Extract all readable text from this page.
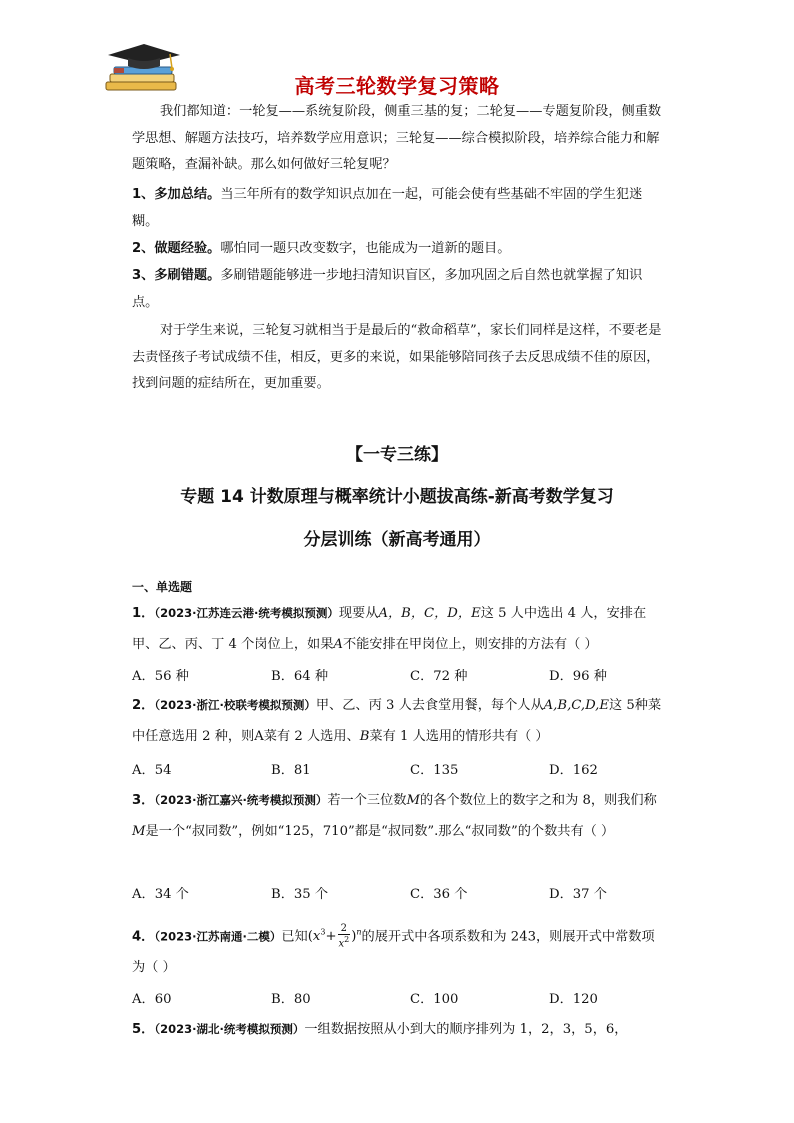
高考三轮数学复习策略

我们都知道：一轮复——系统复阶段，侧重三基的复；二轮复——专题复阶段，侧重数学思想、解题方法技巧，培养数学应用意识；三轮复——综合模拟阶段，培养综合能力和解题策略，查漏补缺。那么如何做好三轮复呢？

1、多加总结。当三年所有的数学知识点加在一起，可能会使有些基础不牢固的学生犯迷糊。

2、做题经验。哪怕同一题只改变数字，也能成为一道新的题目。

3、多刷错题。多刷错题能够进一步地扫清知识盲区，多加巩固之后自然也就掌握了知识点。

对于学生来说，三轮复习就相当于是最后的“救命稻草”，家长们同样是这样，不要老是去责怪孩子考试成绩不佳，相反，更多的来说，如果能够陪同孩子去反思成绩不佳的原因，找到问题的症结所在，更加重要。

【一专三练】
专题 14 计数原理与概率统计小题拔高练-新高考数学复习
分层训练（新高考通用）
一、单选题

1．（2023·江苏连云港·统考模拟预测）现要从A，B，C，D，E这 5 人中选出 4 人，安排在甲、乙、丙、丁 4 个岗位上，如果A不能安排在甲岗位上，则安排的方法有（ ）

A．56 种	B．64 种	C．72 种	D．96 种

2．（2023·浙江·校联考模拟预测）甲、乙、丙 3 人去食堂用餐，每个人从A,B,C,D,E这 5种菜中任意选用 2 种，则A菜有 2 人选用、B菜有 1 人选用的情形共有（ ）

A．54	B．81	C．135	D．162

3．（2023·浙江嘉兴·统考模拟预测）若一个三位数M的各个数位上的数字之和为 8，则我们称M是一个“叔同数”，例如“125，710”都是“叔同数”.那么“叔同数”的个数共有（ ）

A．34 个	B．35 个	C．36 个	D．37 个

4．（2023·江苏南通·二模）已知$(x^3+ \frac{2}{x^2} )^n$的展开式中各项系数和为 243，则展开式中常数项为（ ）

A．60	B．80	C．100	D．120

5．（2023·湖北·统考模拟预测）一组数据按照从小到大的顺序排列为 1，2，3，5，6，
